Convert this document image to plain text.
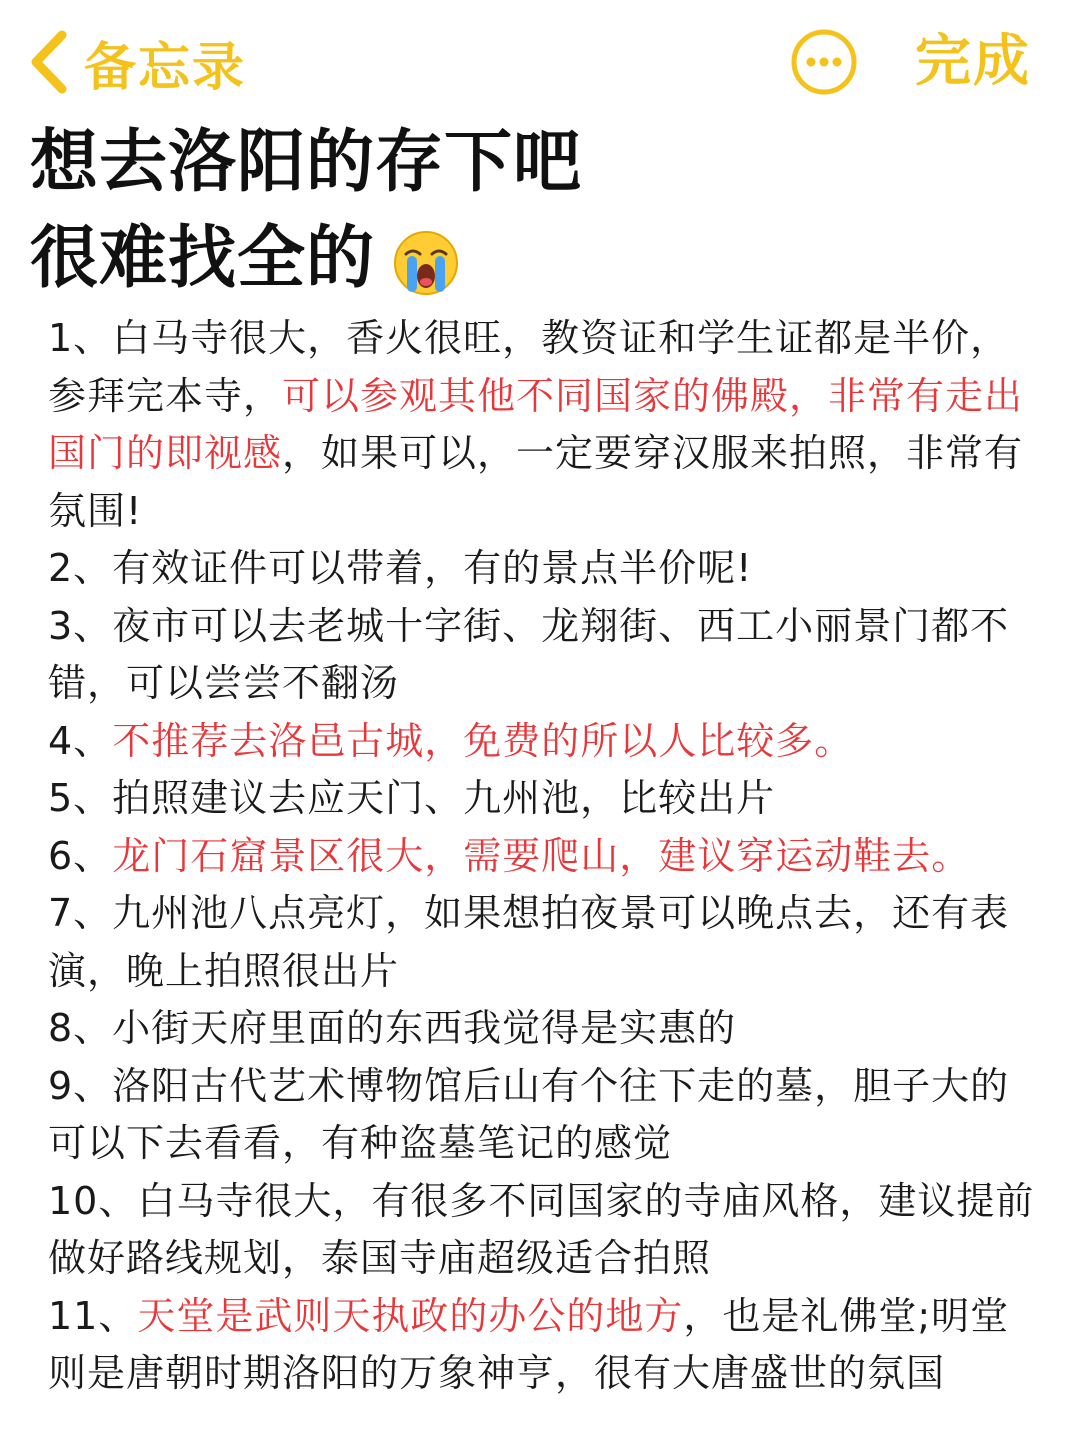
备忘录	完成
想去洛阳的存下吧
很难找全的
1、白马寺很大，香火很旺，教资证和学生证都是半价，参拜完本寺，可以参观其他不同国家的佛殿，非常有走出国门的即视感，如果可以，一定要穿汉服来拍照，非常有氛围!
2、有效证件可以带着，有的景点半价呢!
3、夜市可以去老城十字街、龙翔街、西工小丽景门都不错，可以尝尝不翻汤
4、不推荐去洛邑古城，免费的所以人比较多。
5、拍照建议去应天门、九州池，比较出片
6、龙门石窟景区很大，需要爬山，建议穿运动鞋去。
7、九州池八点亮灯，如果想拍夜景可以晚点去，还有表演，晚上拍照很出片
8、小街天府里面的东西我觉得是实惠的
9、洛阳古代艺术博物馆后山有个往下走的墓，胆子大的可以下去看看，有种盗墓笔记的感觉
10、白马寺很大，有很多不同国家的寺庙风格，建议提前做好路线规划，泰国寺庙超级适合拍照
11、天堂是武则天执政的办公的地方，也是礼佛堂;明堂则是唐朝时期洛阳的万象神亨，很有大唐盛世的氛国
